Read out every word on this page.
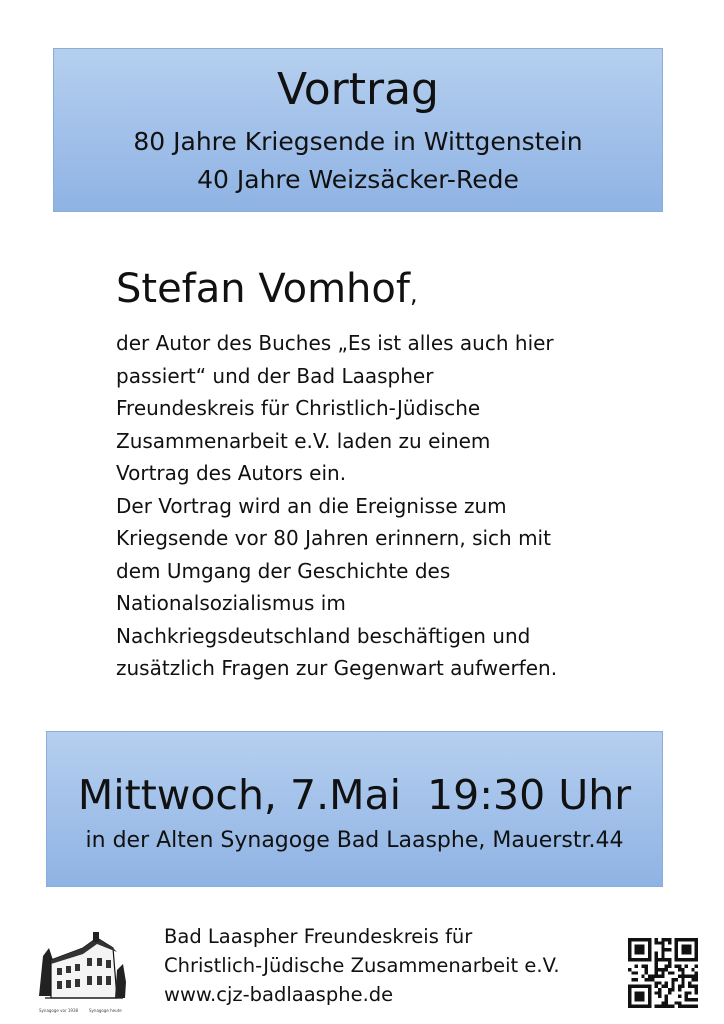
Vortrag
80 Jahre Kriegsende in Wittgenstein
40 Jahre Weizsäcker-Rede
Stefan Vomhof,

der Autor des Buches „Es ist alles auch hier

passiert“ und der Bad Laaspher

Freundeskreis für Christlich-Jüdische

Zusammenarbeit e.V. laden zu einem

Vortrag des Autors ein.

Der Vortrag wird an die Ereignisse zum

Kriegsende vor 80 Jahren erinnern, sich mit

dem Umgang der Geschichte des

Nationalsozialismus im

Nachkriegsdeutschland beschäftigen und

zusätzlich Fragen zur Gegenwart aufwerfen.

Mittwoch, 7.Mai  19:30 Uhr
in der Alten Synagoge Bad Laasphe, Mauerstr.44
Synagoge vor 1938	Synagoge heute
Bad Laaspher Freundeskreis für
Christlich-Jüdische Zusammenarbeit e.V.
www.cjz-badlaasphe.de
